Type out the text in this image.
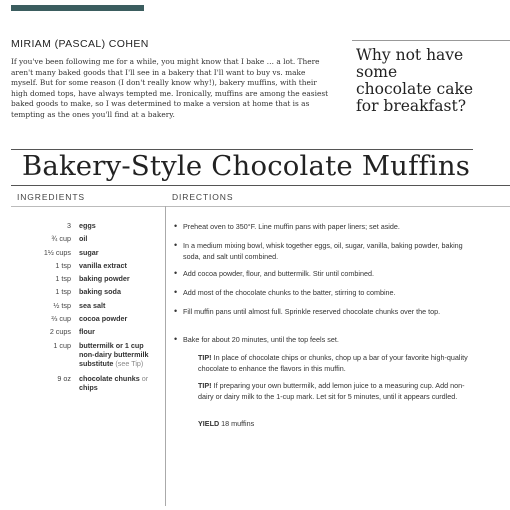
MIRIAM (PASCAL) COHEN

If you've been following me for a while, you might know that I bake … a lot. There aren't many baked goods that I'll see in a bakery that I'll want to buy vs. make myself. But for some reason (I don't really know why!), bakery muffins, with their high domed tops, have always tempted me. Ironically, muffins are among the easiest baked goods to make, so I was determined to make a version at home that is as tempting as the ones you'll find at a bakery.

Why not have some chocolate cake for breakfast?
Bakery-Style Chocolate Muffins
INGREDIENTS	DIRECTIONS
3 eggs
¾ cup oil
1½ cups sugar
1 tsp vanilla extract
1 tsp baking powder
1 tsp baking soda
½ tsp sea salt
⅔ cup cocoa powder
2 cups flour
1 cup buttermilk or 1 cup non-dairy buttermilk substitute (see Tip)
9 oz chocolate chunks or chips
• Preheat oven to 350°F. Line muffin pans with paper liners; set aside.
• In a medium mixing bowl, whisk together eggs, oil, sugar, vanilla, baking powder, baking soda, and salt until combined.
• Add cocoa powder, flour, and buttermilk. Stir until combined.
• Add most of the chocolate chunks to the batter, stirring to combine.
• Fill muffin pans until almost full. Sprinkle reserved chocolate chunks over the top.
• Bake for about 20 minutes, until the top feels set.
TIP! In place of chocolate chips or chunks, chop up a bar of your favorite high-quality chocolate to enhance the flavors in this muffin.
TIP! If preparing your own buttermilk, add lemon juice to a measuring cup. Add non-dairy or dairy milk to the 1-cup mark. Let sit for 5 minutes, until it appears curdled.
YIELD 18 muffins
